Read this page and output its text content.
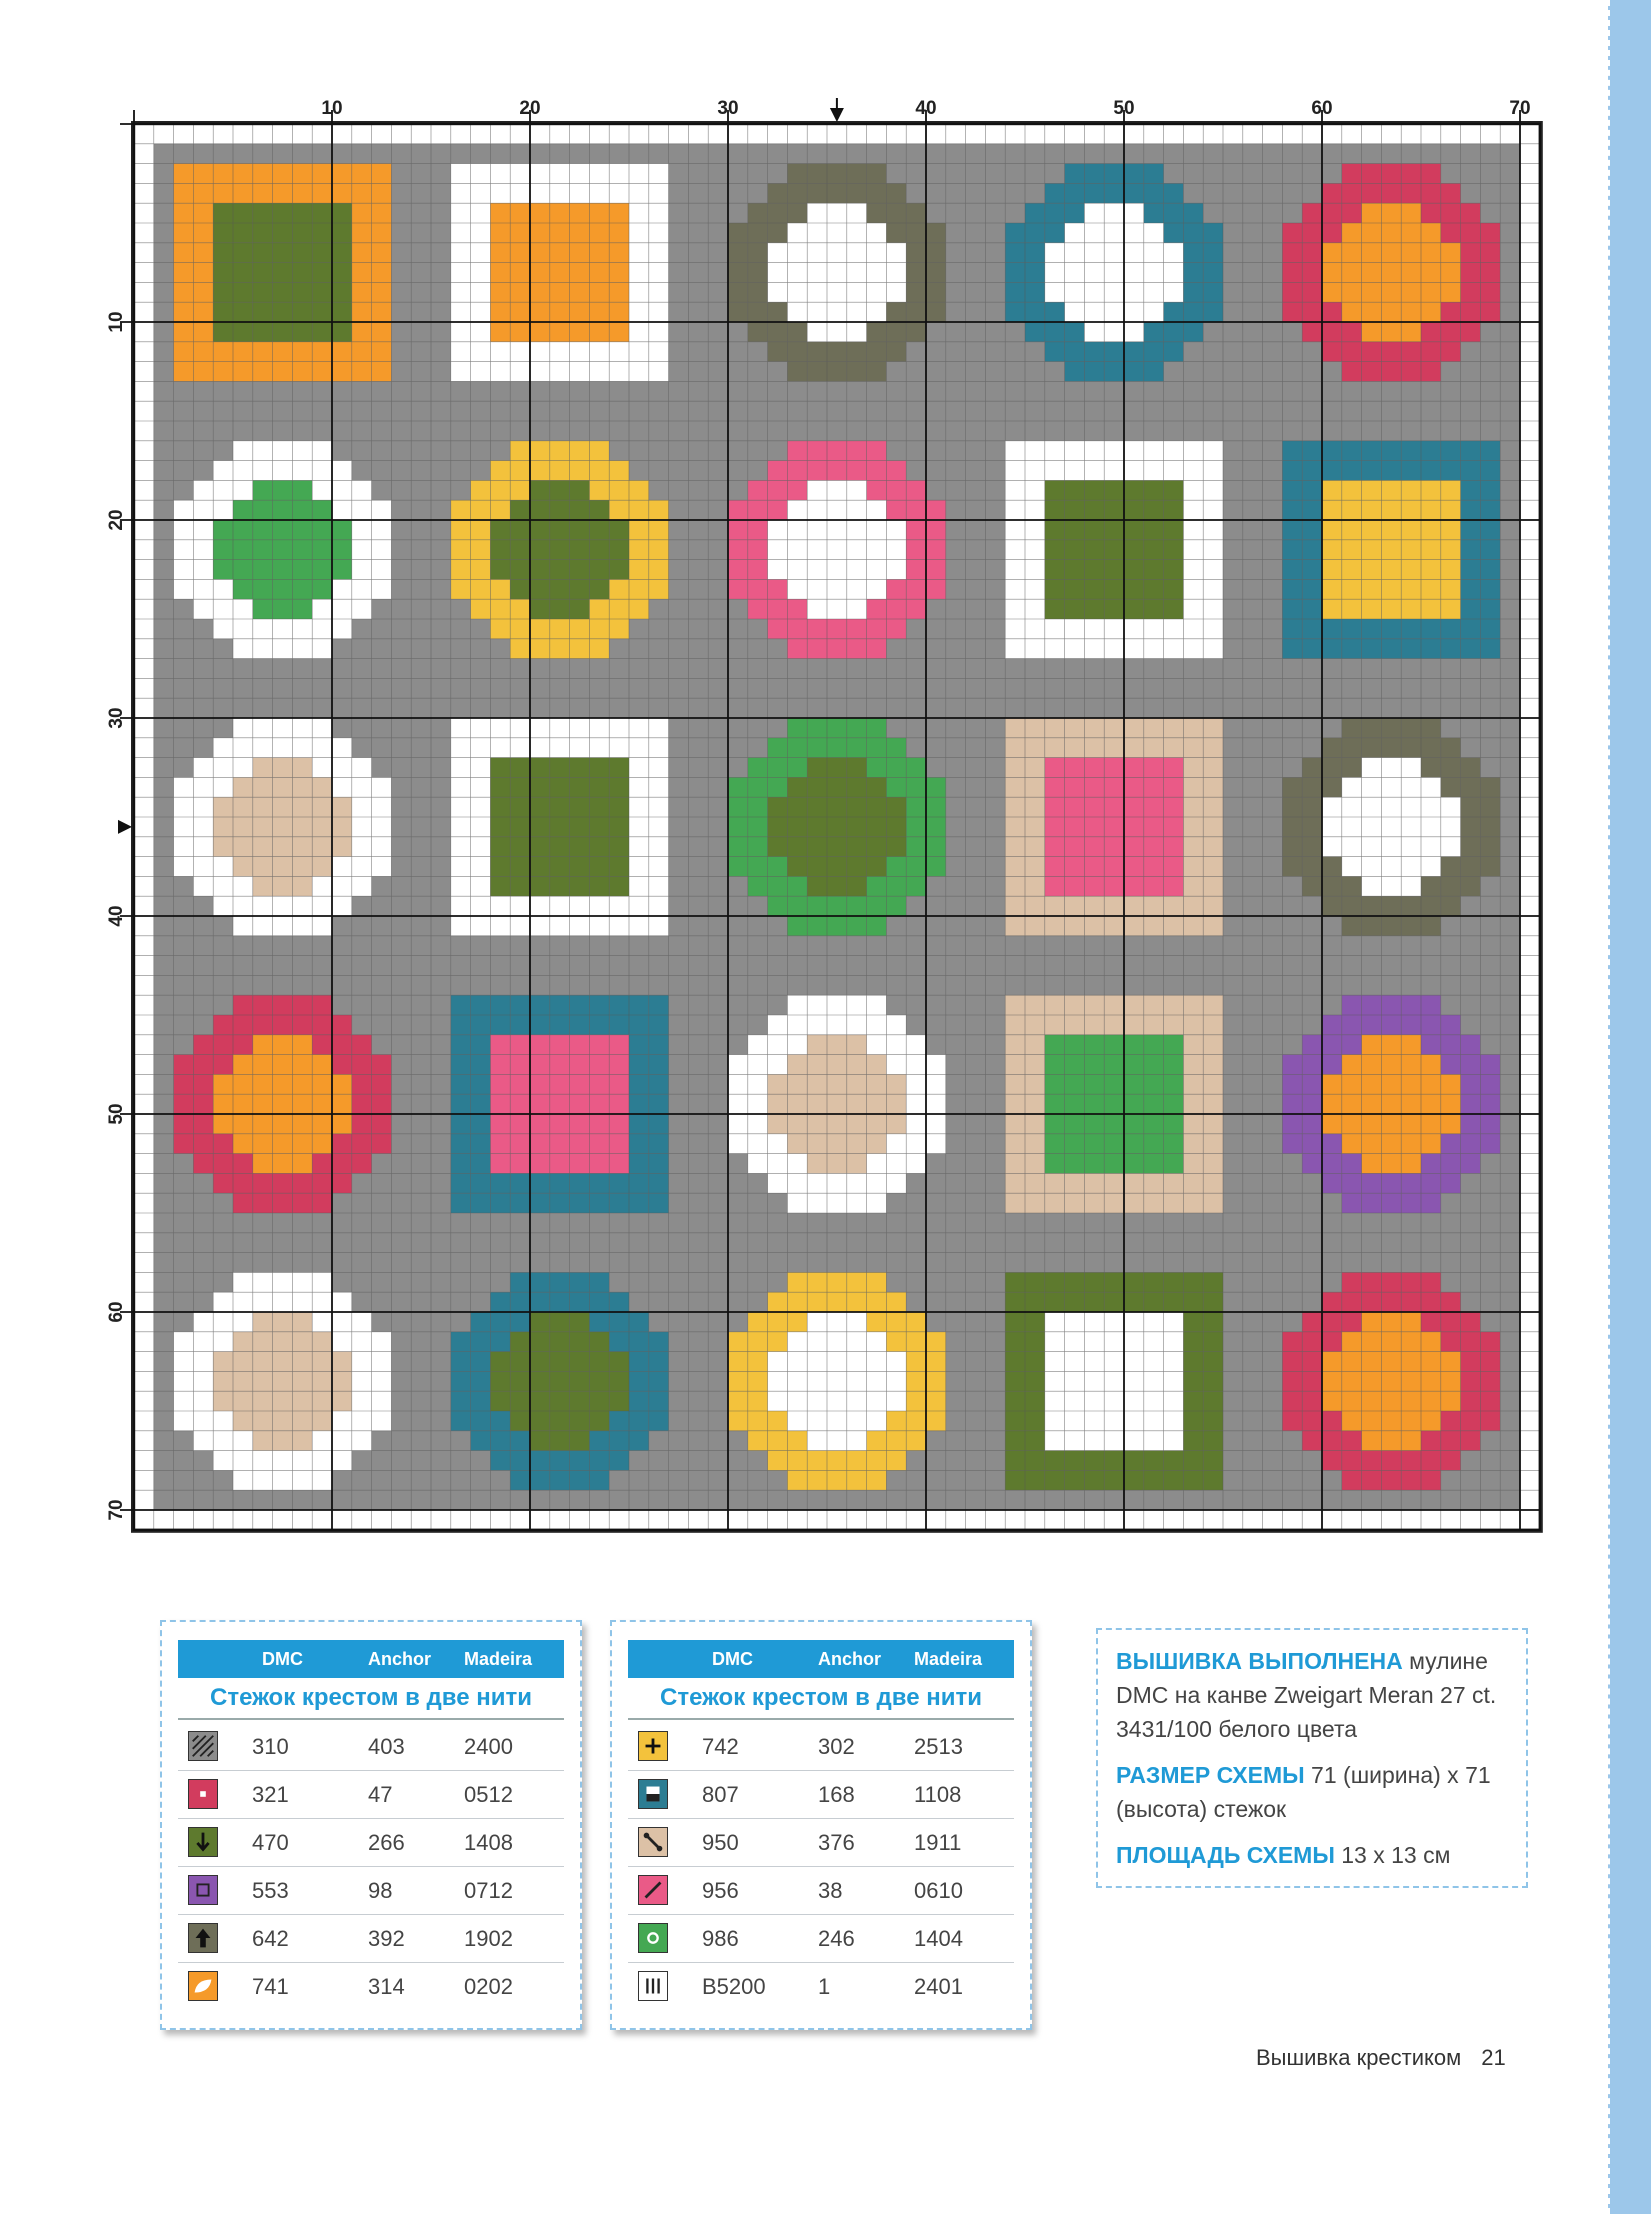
10	20	30	40	50	60	70
10
20
30
40
50
60
70
DMC	Anchor Madeira
Стежок крестом в две нити
310	403	2400
321	47	0512
470	266	1408
553	98	0712
642	392	1902
741	314	0202
DMC	Anchor Madeira
Стежок крестом в две нити
742	302	2513
807	168	1108
950	376	1911
956	38	0610
986	246	1404
B5200 1	2401

ВЫШИВКА ВЫПОЛНЕНА мулине DMC на канве Zweigart Meran 27 ct. 3431/100 белого цвета

РАЗМЕР СХЕМЫ 71 (ширина) х 71 (высота) стежок

ПЛОЩАДЬ СХЕМЫ 13 х 13 см

Вышивка крестиком 21
